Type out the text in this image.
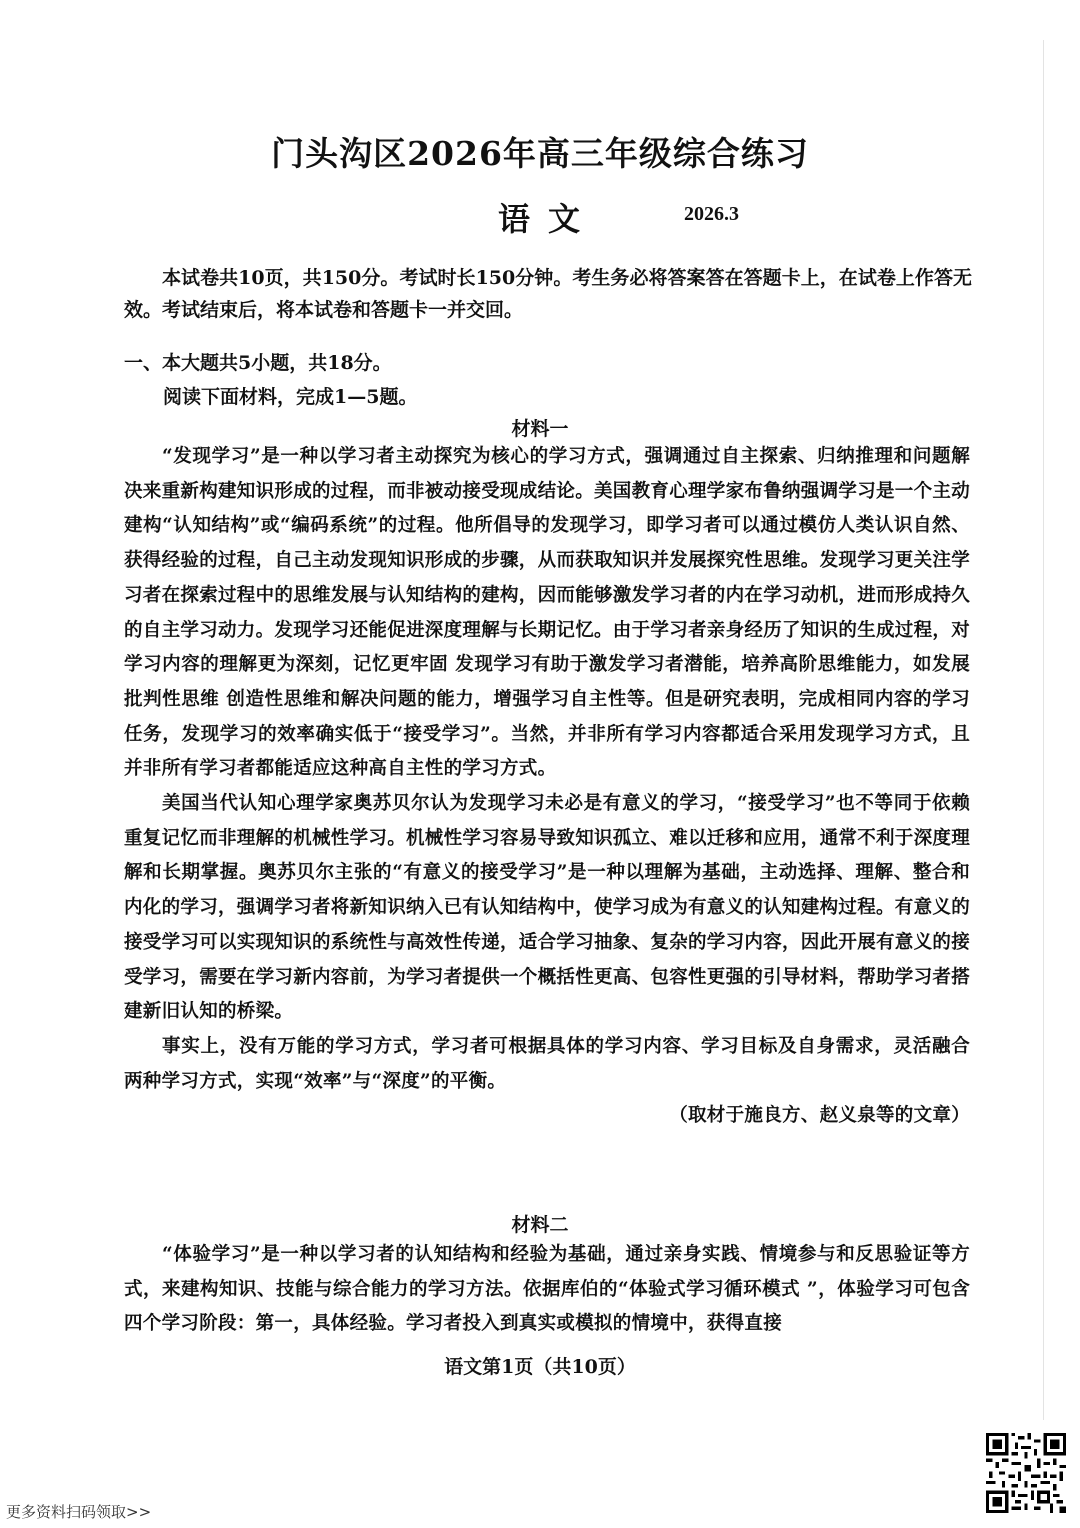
门头沟区2026年高三年级综合练习
语文	2026.3

本试卷共10页，共150分。考试时长150分钟。考生务必将答案答在答题卡上，在试卷上作答无效。考试结束后，将本试卷和答题卡一并交回。

一、本大题共5小题，共18分。

阅读下面材料，完成1—5题。

材料一

“发现学习”是一种以学习者主动探究为核心的学习方式，强调通过自主探索、归纳推理和问题解决来重新构建知识形成的过程，而非被动接受现成结论。美国教育心理学家布鲁纳强调学习是一个主动建构“认知结构”或“编码系统”的过程。他所倡导的发现学习，即学习者可以通过模仿人类认识自然、获得经验的过程，自己主动发现知识形成的步骤，从而获取知识并发展探究性思维。发现学习更关注学习者在探索过程中的思维发展与认知结构的建构，因而能够激发学习者的内在学习动机，进而形成持久的自主学习动力。发现学习还能促进深度理解与长期记忆。由于学习者亲身经历了知识的生成过程，对学习内容的理解更为深刻，记忆更牢固 发现学习有助于激发学习者潜能，培养高阶思维能力，如发展批判性思维 创造性思维和解决问题的能力，增强学习自主性等。但是研究表明，完成相同内容的学习任务，发现学习的效率确实低于“接受学习”。当然，并非所有学习内容都适合采用发现学习方式，且并非所有学习者都能适应这种高自主性的学习方式。

美国当代认知心理学家奥苏贝尔认为发现学习未必是有意义的学习，“接受学习”也不等同于依赖重复记忆而非理解的机械性学习。机械性学习容易导致知识孤立、难以迁移和应用，通常不利于深度理解和长期掌握。奥苏贝尔主张的“有意义的接受学习”是一种以理解为基础，主动选择、理解、整合和内化的学习，强调学习者将新知识纳入已有认知结构中，使学习成为有意义的认知建构过程。有意义的接受学习可以实现知识的系统性与高效性传递，适合学习抽象、复杂的学习内容，因此开展有意义的接受学习，需要在学习新内容前，为学习者提供一个概括性更高、包容性更强的引导材料，帮助学习者搭建新旧认知的桥梁。

事实上，没有万能的学习方式，学习者可根据具体的学习内容、学习目标及自身需求，灵活融合两种学习方式，实现“效率”与“深度”的平衡。

（取材于施良方、赵义泉等的文章）

材料二

“体验学习”是一种以学习者的认知结构和经验为基础，通过亲身实践、情境参与和反思验证等方式，来建构知识、技能与综合能力的学习方法。依据库伯的“体验式学习循环模式 ”，体验学习可包含四个学习阶段：第一，具体经验。学习者投入到真实或模拟的情境中，获得直接

语文第1页（共10页）

更多资料扫码领取>>
